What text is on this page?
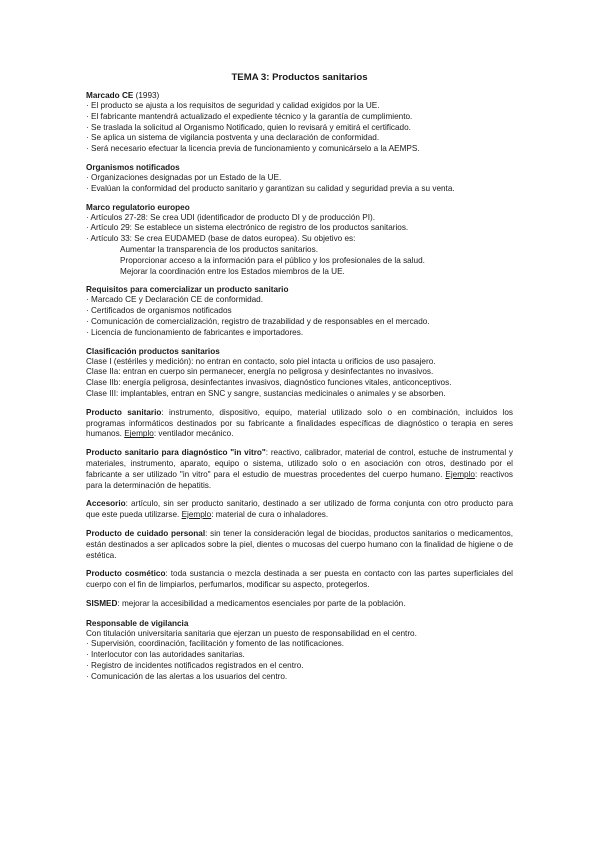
TEMA 3: Productos sanitarios
Marcado CE (1993)
· El producto se ajusta a los requisitos de seguridad y calidad exigidos por la UE.
· El fabricante mantendrá actualizado el expediente técnico y la garantía de cumplimiento.
· Se traslada la solicitud al Organismo Notificado, quien lo revisará y emitirá el certificado.
· Se aplica un sistema de vigilancia postventa y una declaración de conformidad.
· Será necesario efectuar la licencia previa de funcionamiento y comunicárselo a la AEMPS.
Organismos notificados
· Organizaciones designadas por un Estado de la UE.
· Evalúan la conformidad del producto sanitario y garantizan su calidad y seguridad previa a su venta.
Marco regulatorio europeo
· Artículos 27-28: Se crea UDI (identificador de producto DI y de producción PI).
· Artículo 29: Se establece un sistema electrónico de registro de los productos sanitarios.
· Artículo 33: Se crea EUDAMED (base de datos europea). Su objetivo es:
Aumentar la transparencia de los productos sanitarios.
Proporcionar acceso a la información para el público y los profesionales de la salud.
Mejorar la coordinación entre los Estados miembros de la UE.
Requisitos para comercializar un producto sanitario
· Marcado CE y Declaración CE de conformidad.
· Certificados de organismos notificados
· Comunicación de comercialización, registro de trazabilidad y de responsables en el mercado.
· Licencia de funcionamiento de fabricantes e importadores.
Clasificación productos sanitarios
Clase I (estériles y medición): no entran en contacto, solo piel intacta u orificios de uso pasajero.
Clase IIa: entran en cuerpo sin permanecer, energía no peligrosa y desinfectantes no invasivos.
Clase IIb: energía peligrosa, desinfectantes invasivos, diagnóstico funciones vitales, anticonceptivos.
Clase III: implantables, entran en SNC y sangre, sustancias medicinales o animales y se absorben.
Producto sanitario: instrumento, dispositivo, equipo, material utilizado solo o en combinación, incluidos los programas informáticos destinados por su fabricante a finalidades específicas de diagnóstico o terapia en seres humanos. Ejemplo: ventilador mecánico.
Producto sanitario para diagnóstico "in vitro": reactivo, calibrador, material de control, estuche de instrumental y materiales, instrumento, aparato, equipo o sistema, utilizado solo o en asociación con otros, destinado por el fabricante a ser utilizado "in vitro" para el estudio de muestras procedentes del cuerpo humano. Ejemplo: reactivos para la determinación de hepatitis.
Accesorio: artículo, sin ser producto sanitario, destinado a ser utilizado de forma conjunta con otro producto para que este pueda utilizarse. Ejemplo: material de cura o inhaladores.
Producto de cuidado personal: sin tener la consideración legal de biocidas, productos sanitarios o medicamentos, están destinados a ser aplicados sobre la piel, dientes o mucosas del cuerpo humano con la finalidad de higiene o de estética.
Producto cosmético: toda sustancia o mezcla destinada a ser puesta en contacto con las partes superficiales del cuerpo con el fin de limpiarlos, perfumarlos, modificar su aspecto, protegerlos.
SISMED: mejorar la accesibilidad a medicamentos esenciales por parte de la población.
Responsable de vigilancia
Con titulación universitaria sanitaria que ejerzan un puesto de responsabilidad en el centro.
· Supervisión, coordinación, facilitación y fomento de las notificaciones.
· Interlocutor con las autoridades sanitarias.
· Registro de incidentes notificados registrados en el centro.
· Comunicación de las alertas a los usuarios del centro.
